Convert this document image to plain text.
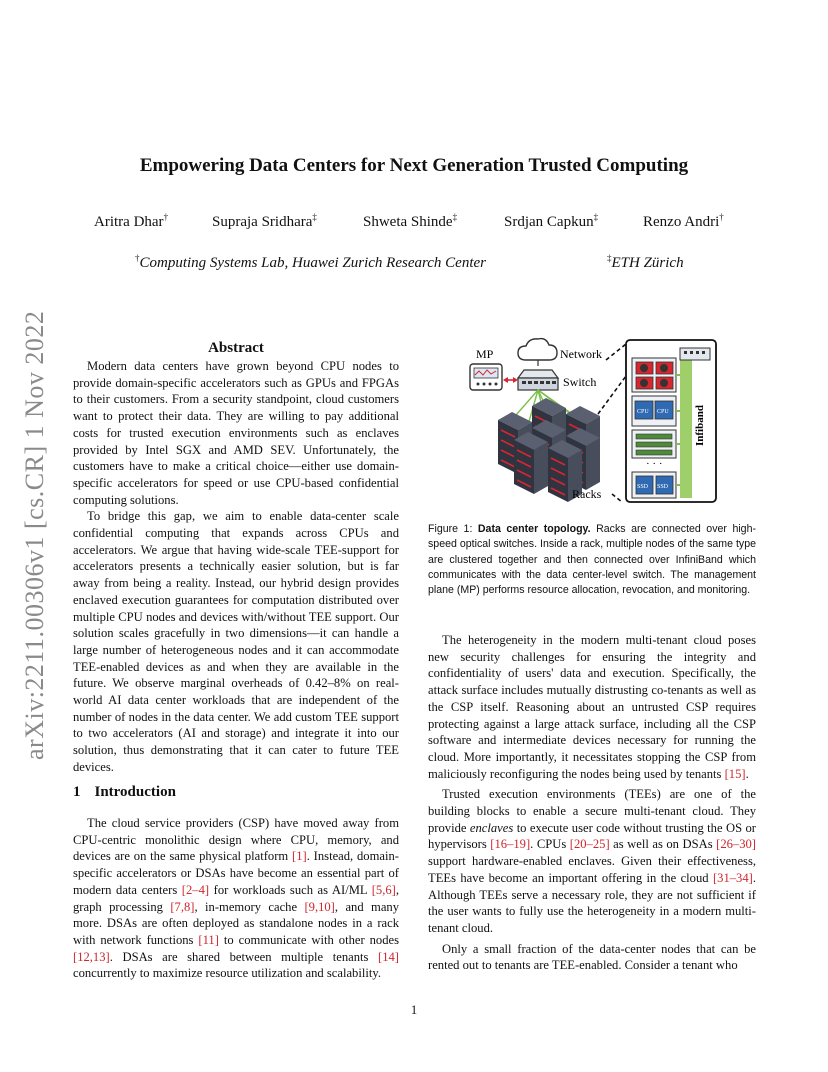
arXiv:2211.00306v1 [cs.CR] 1 Nov 2022
Empowering Data Centers for Next Generation Trusted Computing
Aritra Dhar†	Supraja Sridhara‡	Shweta Shinde‡	Srdjan Capkun‡	Renzo Andri†
†Computing Systems Lab, Huawei Zurich Research Center	‡ETH Zürich
Abstract

Modern data centers have grown beyond CPU nodes to provide domain-specific accelerators such as GPUs and FPGAs to their customers. From a security standpoint, cloud customers want to protect their data. They are willing to pay additional costs for trusted execution environments such as enclaves provided by Intel SGX and AMD SEV. Unfortunately, the customers have to make a critical choice—either use domain-specific accelerators for speed or use CPU-based confidential computing solutions.

To bridge this gap, we aim to enable data-center scale confidential computing that expands across CPUs and accelerators. We argue that having wide-scale TEE-support for accelerators presents a technically easier solution, but is far away from being a reality. Instead, our hybrid design provides enclaved execution guarantees for computation distributed over multiple CPU nodes and devices with/without TEE support. Our solution scales gracefully in two dimensions—it can handle a large number of heterogeneous nodes and it can accommodate TEE-enabled devices as and when they are available in the future. We observe marginal overheads of 0.42–8% on real-world AI data center workloads that are independent of the number of nodes in the data center. We add custom TEE support to two accelerators (AI and storage) and integrate it into our solution, thus demonstrating that it can cater to future TEE devices.

1 Introduction

The cloud service providers (CSP) have moved away from CPU-centric monolithic design where CPU, memory, and devices are on the same physical platform [1]. Instead, domain-specific accelerators or DSAs have become an essential part of modern data centers [2–4] for workloads such as AI/ML [5,6], graph processing [7,8], in-memory cache [9,10], and many more. DSAs are often deployed as standalone nodes in a rack with network functions [11] to communicate with other nodes [12,13]. DSAs are shared between multiple tenants [14] concurrently to maximize resource utilization and scalability.

Network
Switch
MP
Racks
Infiband
CPU CPU
· · ·
SSD SSD
Figure 1: Data center topology. Racks are connected over high-speed optical switches. Inside a rack, multiple nodes of the same type are clustered together and then connected over InfiniBand which communicates with the data center-level switch. The management plane (MP) performs resource allocation, revocation, and monitoring.

The heterogeneity in the modern multi-tenant cloud poses new security challenges for ensuring the integrity and confidentiality of users' data and execution. Specifically, the attack surface includes mutually distrusting co-tenants as well as the CSP itself. Reasoning about an untrusted CSP requires protecting against a large attack surface, including all the CSP software and intermediate devices necessary for running the cloud. More importantly, it necessitates stopping the CSP from maliciously reconfiguring the nodes being used by tenants [15].

Trusted execution environments (TEEs) are one of the building blocks to enable a secure multi-tenant cloud. They provide enclaves to execute user code without trusting the OS or hypervisors [16–19]. CPUs [20–25] as well as on DSAs [26–30] support hardware-enabled enclaves. Given their effectiveness, TEEs have become an important offering in the cloud [31–34]. Although TEEs serve a necessary role, they are not sufficient if the user wants to fully use the heterogeneity in a modern multi-tenant cloud.

Only a small fraction of the data-center nodes that can be rented out to tenants are TEE-enabled. Consider a tenant who

1
